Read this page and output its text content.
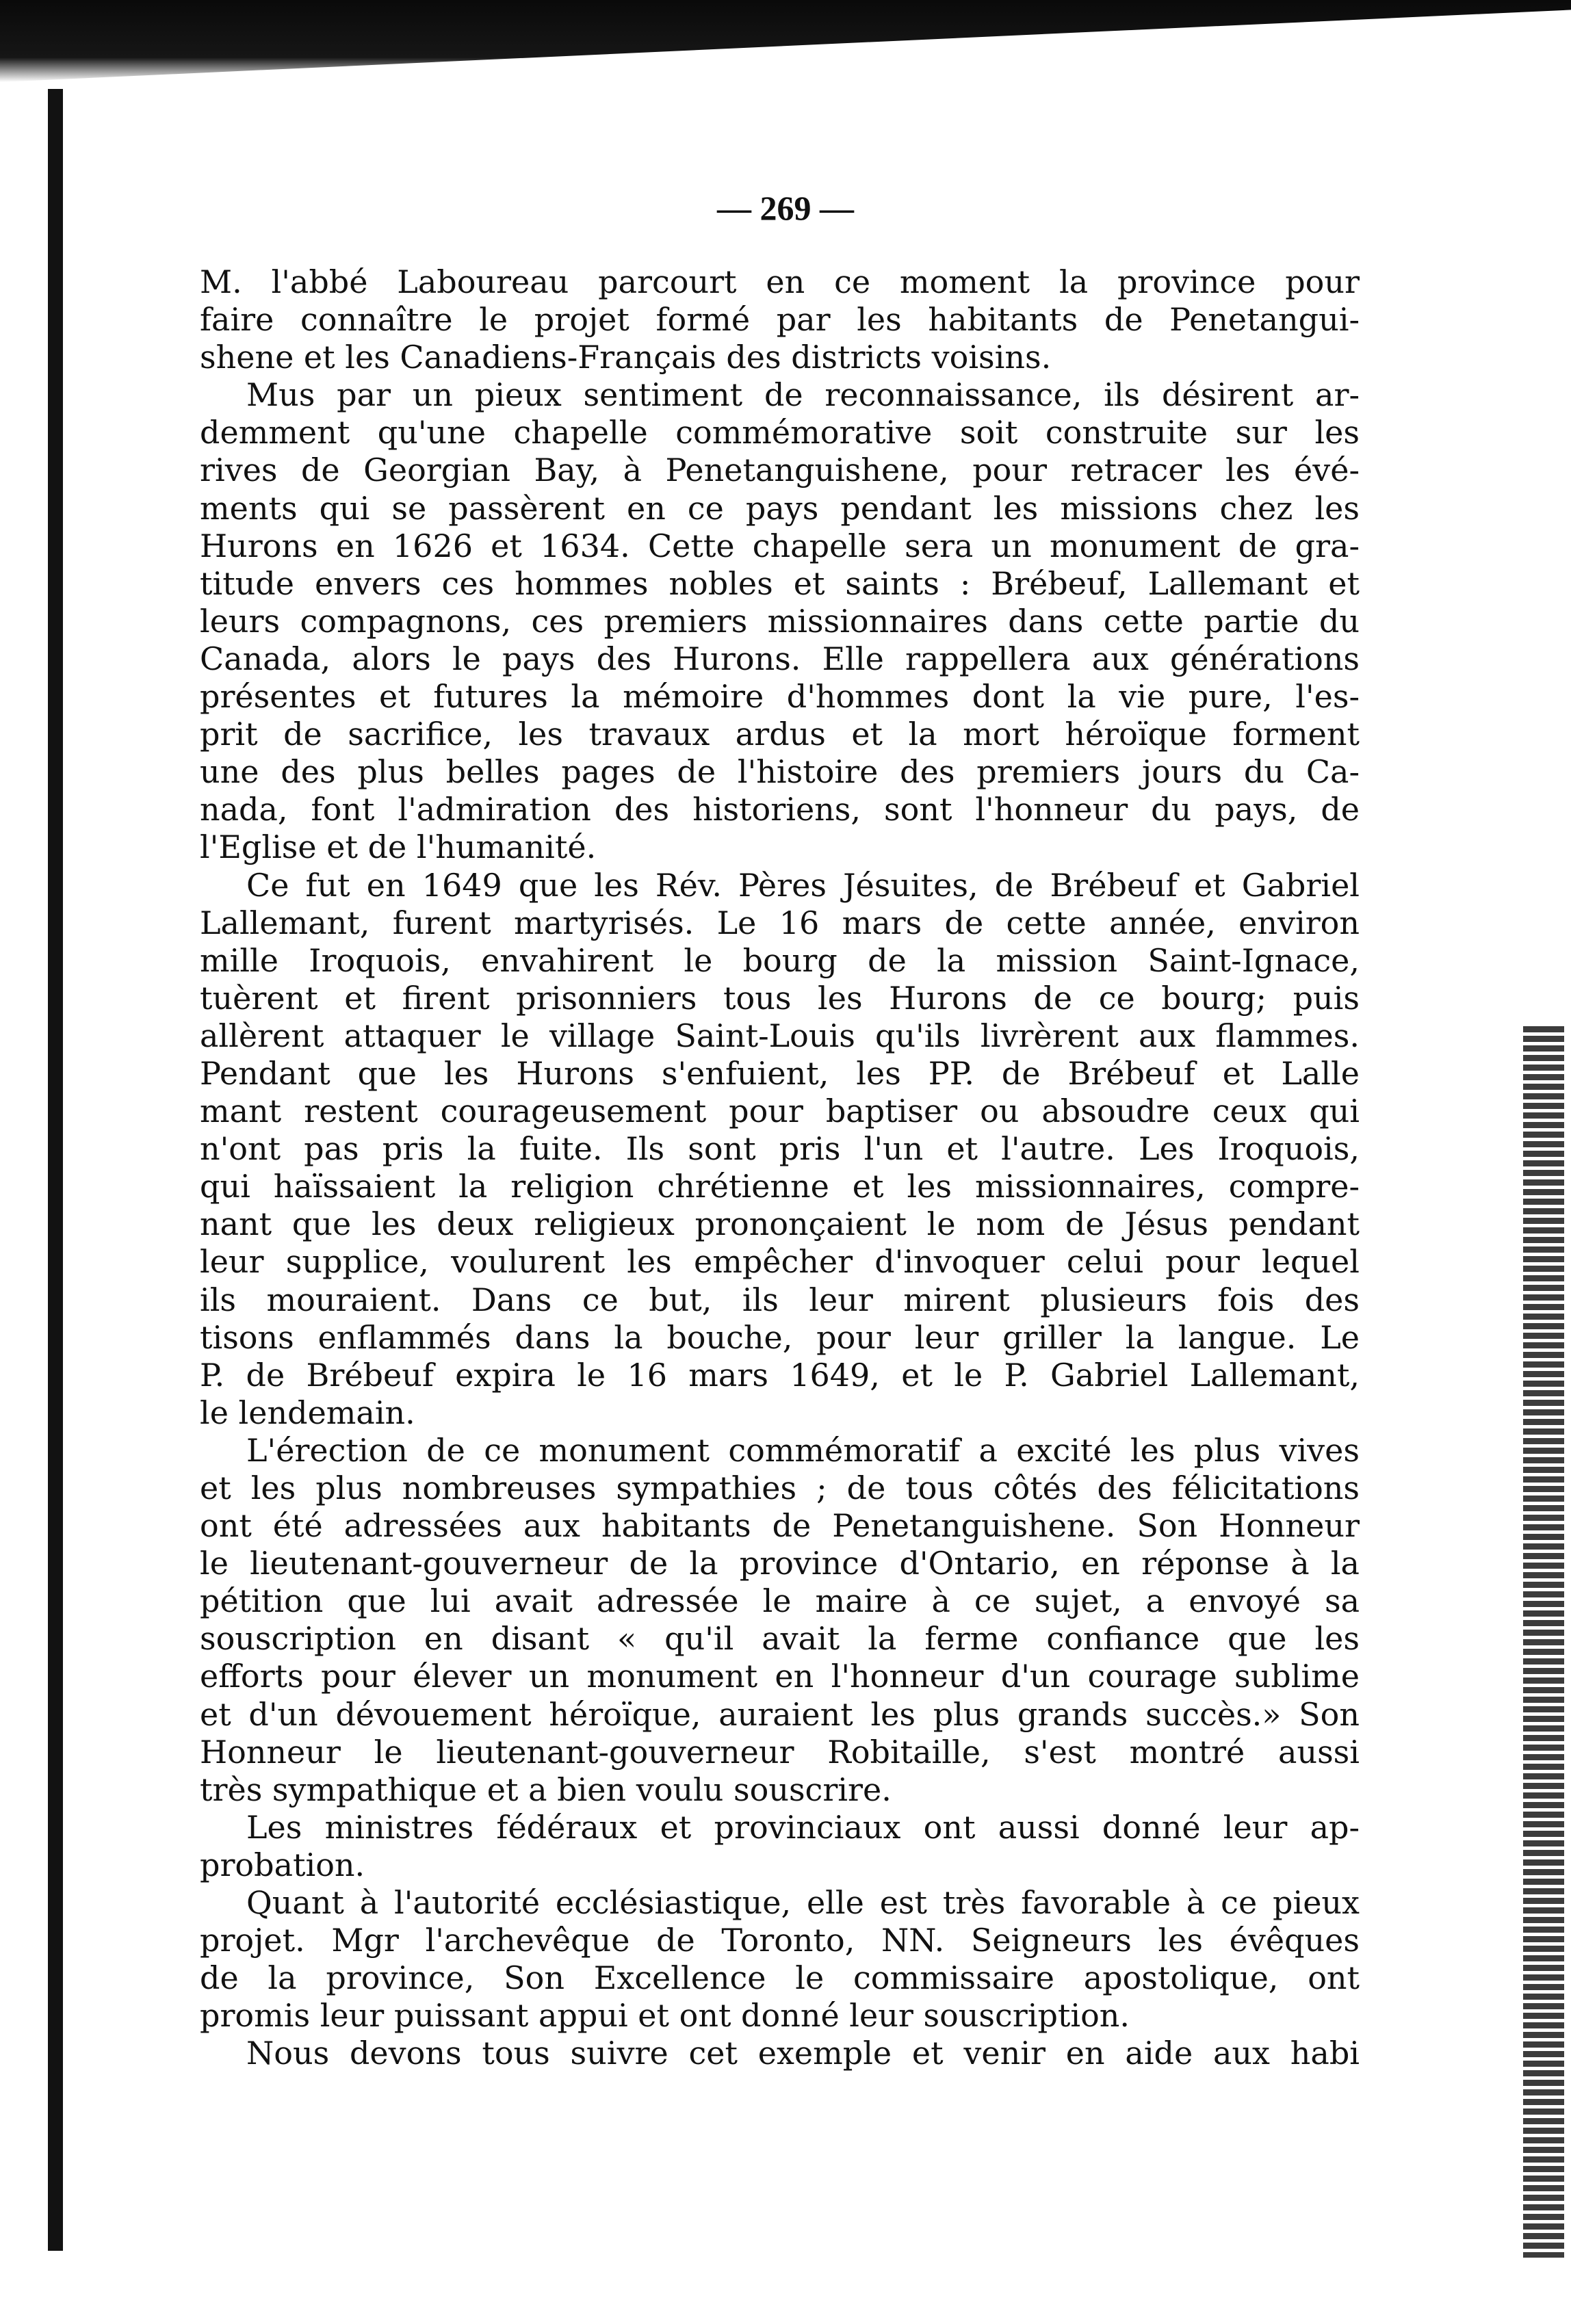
— 269 —
M. l'abbé Laboureau parcourt en ce moment la province pour
faire connaître le projet formé par les habitants de Penetangui-
shene et les Canadiens-Français des districts voisins.
Mus par un pieux sentiment de reconnaissance, ils désirent ar-
demment qu'une chapelle commémorative soit construite sur les
rives de Georgian Bay, à Penetanguishene, pour retracer les évé-
ments qui se passèrent en ce pays pendant les missions chez les
Hurons en 1626 et 1634. Cette chapelle sera un monument de gra-
titude envers ces hommes nobles et saints : Brébeuf, Lallemant et
leurs compagnons, ces premiers missionnaires dans cette partie du
Canada, alors le pays des Hurons. Elle rappellera aux générations
présentes et futures la mémoire d'hommes dont la vie pure, l'es-
prit de sacrifice, les travaux ardus et la mort héroïque forment
une des plus belles pages de l'histoire des premiers jours du Ca-
nada, font l'admiration des historiens, sont l'honneur du pays, de
l'Eglise et de l'humanité.
Ce fut en 1649 que les Rév. Pères Jésuites, de Brébeuf et Gabriel
Lallemant, furent martyrisés. Le 16 mars de cette année, environ
mille Iroquois, envahirent le bourg de la mission Saint-Ignace,
tuèrent et firent prisonniers tous les Hurons de ce bourg; puis
allèrent attaquer le village Saint-Louis qu'ils livrèrent aux flammes.
Pendant que les Hurons s'enfuient, les PP. de Brébeuf et Lalle
mant restent courageusement pour baptiser ou absoudre ceux qui
n'ont pas pris la fuite. Ils sont pris l'un et l'autre. Les Iroquois,
qui haïssaient la religion chrétienne et les missionnaires, compre-
nant que les deux religieux prononçaient le nom de Jésus pendant
leur supplice, voulurent les empêcher d'invoquer celui pour lequel
ils mouraient. Dans ce but, ils leur mirent plusieurs fois des
tisons enflammés dans la bouche, pour leur griller la langue. Le
P. de Brébeuf expira le 16 mars 1649, et le P. Gabriel Lallemant,
le lendemain.
L'érection de ce monument commémoratif a excité les plus vives
et les plus nombreuses sympathies ; de tous côtés des félicitations
ont été adressées aux habitants de Penetanguishene. Son Honneur
le lieutenant-gouverneur de la province d'Ontario, en réponse à la
pétition que lui avait adressée le maire à ce sujet, a envoyé sa
souscription en disant « qu'il avait la ferme confiance que les
efforts pour élever un monument en l'honneur d'un courage sublime
et d'un dévouement héroïque, auraient les plus grands succès.» Son
Honneur le lieutenant-gouverneur Robitaille, s'est montré aussi
très sympathique et a bien voulu souscrire.
Les ministres fédéraux et provinciaux ont aussi donné leur ap-
probation.
Quant à l'autorité ecclésiastique, elle est très favorable à ce pieux
projet. Mgr l'archevêque de Toronto, NN. Seigneurs les évêques
de la province, Son Excellence le commissaire apostolique, ont
promis leur puissant appui et ont donné leur souscription.
Nous devons tous suivre cet exemple et venir en aide aux habi
